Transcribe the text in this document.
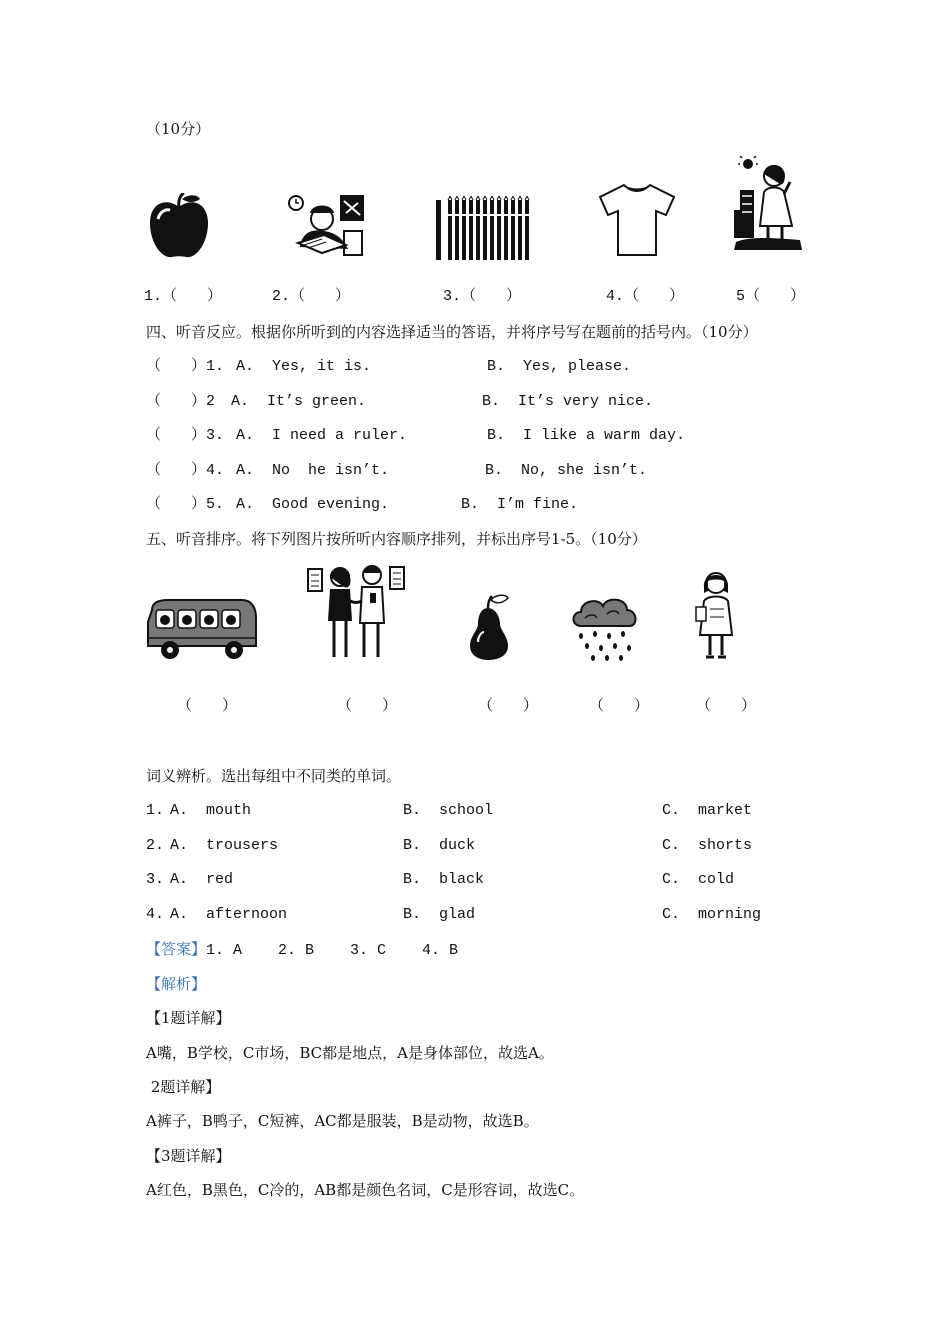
（10分）
1.（　　）	2.（　　）	3.（　　）	4.（　　）	5（　　）
四、听音反应。根据你所听到的内容选择适当的答语，并将序号写在题前的括号内。（10分）
（　　）1. A.  Yes, it is.	B.  Yes, please.
（　　）2 A.  It’s green.	B.  It’s very nice.
（　　）3. A.  I need a ruler.	B.  I like a warm day.
（　　）4. A.  No  he isn’t.	B.  No, she isn’t.
（　　）5. A.  Good evening.	B.  I’m fine.
五、听音排序。将下列图片按所听内容顺序排列，并标出序号1-5。（10分）
（　　）	（　　）	（　　）	（　　）	（　　）
词义辨析。选出每组中不同类的单词。
1. A.  mouth	B.  school	C.  market
2. A.  trousers	B.  duck	C.  shorts
3. A.  red	B.  black	C.  cold
4. A.  afternoon	B.  glad	C.  morning
【答案】1. A    2. B    3. C    4. B
【解析】
【1题详解】
A嘴，B学校，C市场，BC都是地点，A是身体部位，故选A。
2题详解】
A裤子，B鸭子，C短裤，AC都是服装，B是动物，故选B。
【3题详解】
A红色，B黑色，C冷的，AB都是颜色名词，C是形容词，故选C。
